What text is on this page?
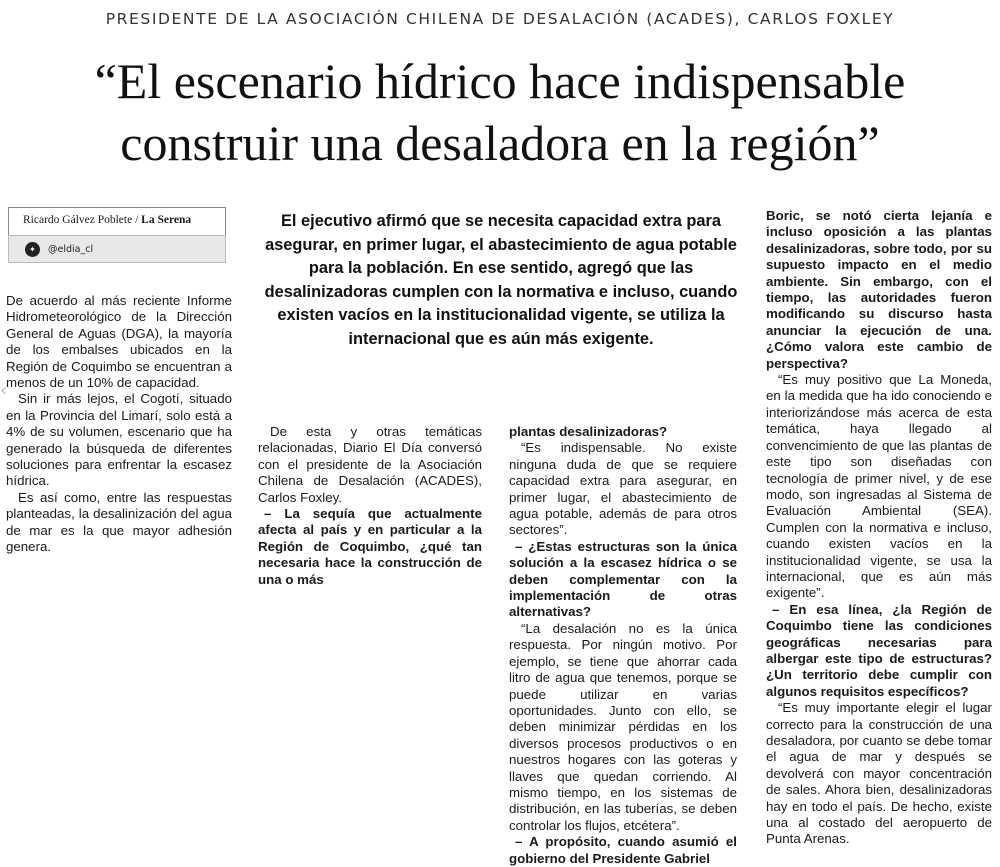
PRESIDENTE DE LA ASOCIACIÓN CHILENA DE DESALACIÓN (ACADES), CARLOS FOXLEY
“El escenario hídrico hace indispensable
construir una desaladora en la región”
Ricardo Gálvez Poblete / La Serena
✦	@eldia_cl
‹

De acuerdo al más reciente Informe Hidrometeorológico de la Dirección General de Aguas (DGA), la mayoría de los embalses ubicados en la Región de Coquimbo se encuentran a menos de un 10% de capacidad.

Sin ir más lejos, el Cogotí, situado en la Provincia del Limarí, solo está a 4% de su volumen, escenario que ha generado la búsqueda de diferentes soluciones para enfrentar la escasez hídrica.

Es así como, entre las respuestas planteadas, la desalinización del agua de mar es la que mayor adhesión genera.

El ejecutivo afirmó que se necesita capacidad extra para asegurar, en primer lugar, el abastecimiento de agua potable para la población. En ese sentido, agregó que las desalinizadoras cumplen con la normativa e incluso, cuando existen vacíos en la institucionalidad vigente, se utiliza la internacional que es aún más exigente.

De esta y otras temáticas relacionadas, Diario El Día conversó con el presidente de la Asociación Chilena de Desalación (ACADES), Carlos Foxley.

– La sequía que actualmente afecta al país y en particular a la Región de Coquimbo, ¿qué tan necesaria hace la construcción de una o más

plantas desalinizadoras?

“Es indispensable. No existe ninguna duda de que se requiere capacidad extra para asegurar, en primer lugar, el abastecimiento de agua potable, además de para otros sectores”.

– ¿Estas estructuras son la única solución a la escasez hídrica o se deben complementar con la implementación de otras alternativas?

“La desalación no es la única respuesta. Por ningún motivo. Por ejemplo, se tiene que ahorrar cada litro de agua que tenemos, porque se puede utilizar en varias oportunidades. Junto con ello, se deben minimizar pérdidas en los diversos procesos productivos o en nuestros hogares con las goteras y llaves que quedan corriendo. Al mismo tiempo, en los sistemas de distribución, en las tuberías, se deben controlar los flujos, etcétera”.

– A propósito, cuando asumió el gobierno del Presidente Gabriel

Boric, se notó cierta lejanía e incluso oposición a las plantas desalinizadoras, sobre todo, por su supuesto impacto en el medio ambiente. Sin embargo, con el tiempo, las autoridades fueron modificando su discurso hasta anunciar la ejecución de una. ¿Cómo valora este cambio de perspectiva?

“Es muy positivo que La Moneda, en la medida que ha ido conociendo e interiorizándose más acerca de esta temática, haya llegado al convencimiento de que las plantas de este tipo son diseñadas con tecnología de primer nivel, y de ese modo, son ingresadas al Sistema de Evaluación Ambiental (SEA). Cumplen con la normativa e incluso, cuando existen vacíos en la institucionalidad vigente, se usa la internacional, que es aún más exigente”.

– En esa línea, ¿la Región de Coquimbo tiene las condiciones geográficas necesarias para albergar este tipo de estructuras? ¿Un territorio debe cumplir con algunos requisitos específicos?

“Es muy importante elegir el lugar correcto para la construcción de una desaladora, por cuanto se debe tomar el agua de mar y después se devolverá con mayor concentración de sales. Ahora bien, desalinizadoras hay en todo el país. De hecho, existe una al costado del aeropuerto de Punta Arenas.
